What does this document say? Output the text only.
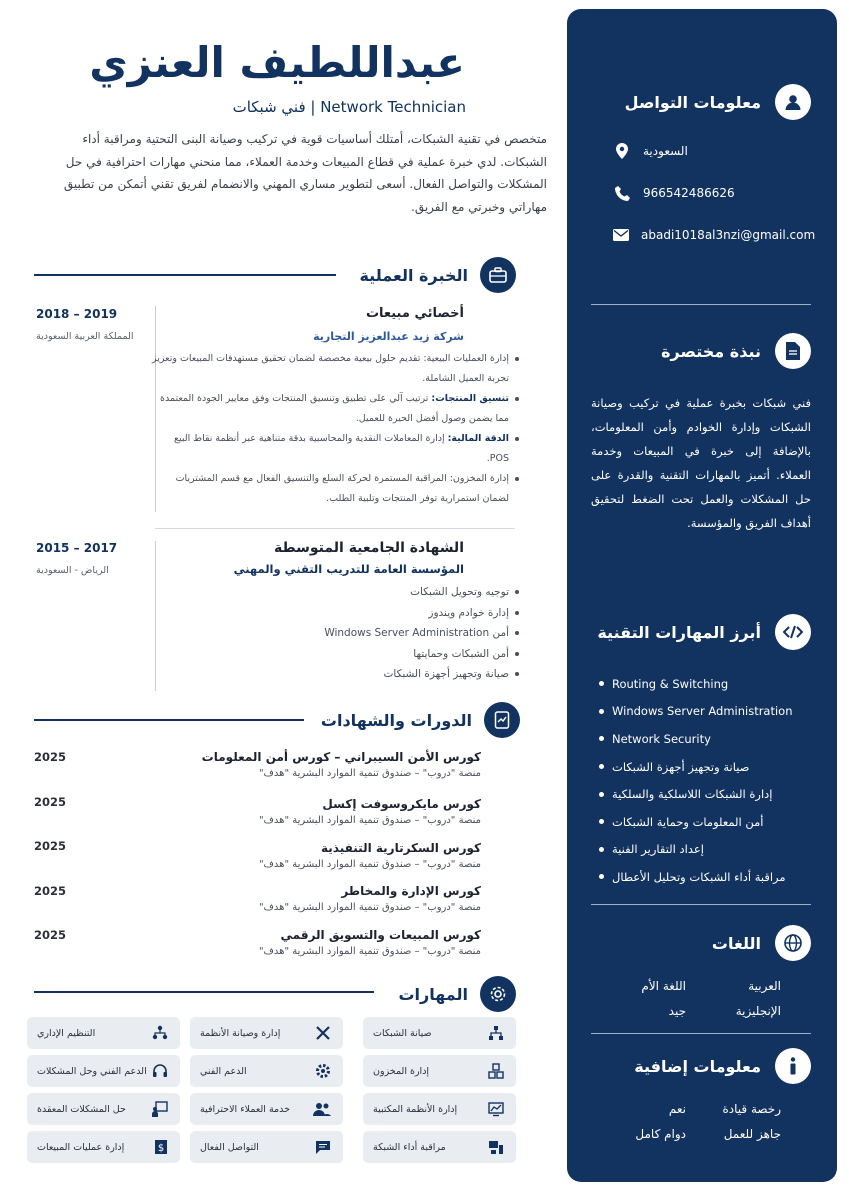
عبداللطيف العنزي
فني شبكات | Network Technician

متخصص في تقنية الشبكات، أمتلك أساسيات قوية في تركيب وصيانة البنى التحتية ومراقبة أداء الشبكات. لدي خبرة عملية في قطاع المبيعات وخدمة العملاء، مما منحني مهارات احترافية في حل المشكلات والتواصل الفعال. أسعى لتطوير مساري المهني والانضمام لفريق تقني أتمكن من تطبيق مهاراتي وخبرتي مع الفريق.

الخبرة العملية
أخصائي مبيعات
شركة زيد عبدالعزيز التجارية
2018 – 2019
المملكة العربية السعودية
إدارة العمليات البيعية: تقديم حلول بيعية مخصصة لضمان تحقيق مستهدفات المبيعات وتعزيز تجربة العميل الشاملة.
تنسيق المنتجات: ترتيب آلي على تطبيق وتنسيق المنتجات وفق معايير الجودة المعتمدة مما يضمن وصول أفضل الحيرة للعميل.
الدقة المالية: إدارة المعاملات النقدية والمحاسبية بدقة متناهية عبر أنظمة نقاط البيع POS.
إدارة المخزون: المراقبة المستمرة لحركة السلع والتنسيق الفعال مع قسم المشتريات لضمان استمرارية توفر المنتجات وتلبية الطلب.
الشهادة الجامعية المتوسطة
المؤسسة العامة للتدريب التقني والمهني
2015 – 2017
الرياض - السعودية
توجيه وتحويل الشبكات
إدارة خوادم ويندوز
أمن Windows Server Administration
أمن الشبكات وحمايتها
صيانة وتجهيز أجهزة الشبكات
الدورات والشهادات
كورس الأمن السيبراني – كورس أمن المعلومات
منصة "دروب" – صندوق تنمية الموارد البشرية "هدف"
2025
كورس مايكروسوفت إكسل
منصة "دروب" – صندوق تنمية الموارد البشرية "هدف"
2025
كورس السكرتارية التنفيذية
منصة "دروب" – صندوق تنمية الموارد البشرية "هدف"
2025
كورس الإدارة والمخاطر
منصة "دروب" – صندوق تنمية الموارد البشرية "هدف"
2025
كورس المبيعات والتسويق الرقمي
منصة "دروب" – صندوق تنمية الموارد البشرية "هدف"
2025
المهارات
صيانة الشبكات
إدارة وصيانة الأنظمة
التنظيم الإداري
إدارة المخزون
الدعم الفني
الدعم الفني وحل المشكلات
إدارة الأنظمة المكتبية
خدمة العملاء الاحترافية
حل المشكلات المعقدة
مراقبة أداء الشبكة
التواصل الفعال
$
إدارة عمليات المبيعات
معلومات التواصل
السعودية
966542486626
abadi1018al3nzi@gmail.com
نبذة مختصرة

فني شبكات بخبرة عملية في تركيب وصيانة الشبكات وإدارة الخوادم وأمن المعلومات، بالإضافة إلى خبرة في المبيعات وخدمة العملاء. أتميز بالمهارات التقنية والقدرة على حل المشكلات والعمل تحت الضغط لتحقيق أهداف الفريق والمؤسسة.

أبرز المهارات التقنية
Routing & Switching
Windows Server Administration
Network Security
صيانة وتجهيز أجهزة الشبكات
إدارة الشبكات اللاسلكية والسلكية
أمن المعلومات وحماية الشبكات
إعداد التقارير الفنية
مراقبة أداء الشبكات وتحليل الأعطال
اللغات
العربية
اللغة الأم
الإنجليزية
جيد
معلومات إضافية
رخصة قيادة
نعم
جاهز للعمل
دوام كامل
